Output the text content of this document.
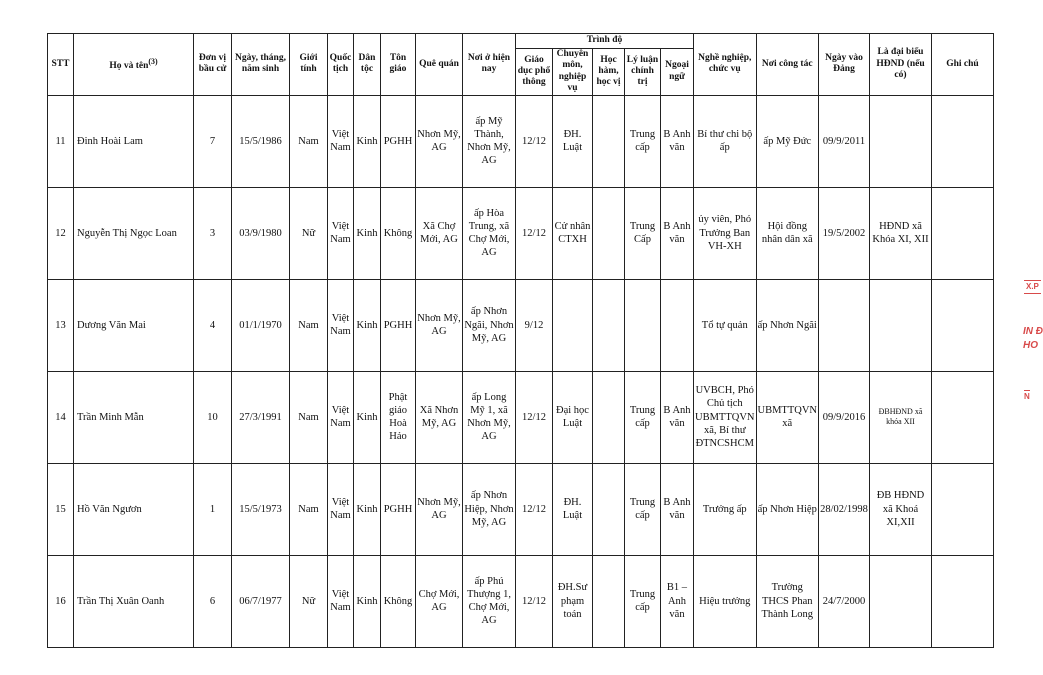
STT	Họ và tên$^{(3)}$	Đơn vị bầu cử	Ngày, tháng, năm sinh	Giới tính	Quốc tịch	Dân tộc	Tôn giáo	Quê quán	Nơi ở hiện nay	Trình độ					Nghề nghiệp, chức vụ	Nơi công tác	Ngày vào Đảng	Là đại biểu HĐND (nếu có)	Ghi chú
										Giáo dục phổ thông	Chuyên môn, nghiệp vụ	Học hàm, học vị	Lý luận chính trị	Ngoại ngữ					
11	Đinh Hoài Lam	7	15/5/1986	Nam	Việt Nam	Kinh	PGHH	Nhơn Mỹ, AG	ấp Mỹ Thành, Nhơn Mỹ, AG	12/12	ĐH. Luật		Trung cấp	B Anh văn	Bí thư chi bộ ấp	ấp Mỹ Đức	09/9/2011		
12	Nguyễn Thị Ngọc Loan	3	03/9/1980	Nữ	Việt Nam	Kinh	Không	Xã Chợ Mới, AG	ấp Hòa Trung, xã Chợ Mới, AG	12/12	Cử nhân CTXH		Trung Cấp	B Anh văn	ủy viên, Phó Trưởng Ban VH-XH	Hội đồng nhân dân xã	19/5/2002	HĐND xã Khóa XI, XII	
13	Dương Văn Mai	4	01/1/1970	Nam	Việt Nam	Kinh	PGHH	Nhơn Mỹ, AG	ấp Nhơn Ngãi, Nhơn Mỹ, AG	9/12					Tổ tự quản	ấp Nhơn Ngãi			
14	Trần Minh Mẫn	10	27/3/1991	Nam	Việt Nam	Kinh	Phật giáo Hoà Hảo	Xã Nhơn Mỹ, AG	ấp Long Mỹ 1, xã Nhơn Mỹ, AG	12/12	Đại học Luật		Trung cấp	B Anh văn	UVBCH, Phó Chủ tịch UBMTTQVN xã, Bí thư ĐTNCSHCM	UBMTTQVN xã	09/9/2016	ĐBHĐND xã khóa XII	
15	Hồ Văn Ngươn	1	15/5/1973	Nam	Việt Nam	Kinh	PGHH	Nhơn Mỹ, AG	ấp Nhơn Hiệp, Nhơn Mỹ, AG	12/12	ĐH. Luật		Trung cấp	B Anh văn	Trưởng ấp	ấp Nhơn Hiệp	28/02/1998	ĐB HĐND xã Khoá XI,XII	
16	Trần Thị Xuân Oanh	6	06/7/1977	Nữ	Việt Nam	Kinh	Không	Chợ Mới, AG	ấp Phú Thượng 1, Chợ Mới, AG	12/12	ĐH.Sư phạm toán		Trung cấp	B1 – Anh văn	Hiệu trưởng	Trường THCS Phan Thành Long	24/7/2000		
X.P
IN Đ
HO
N
